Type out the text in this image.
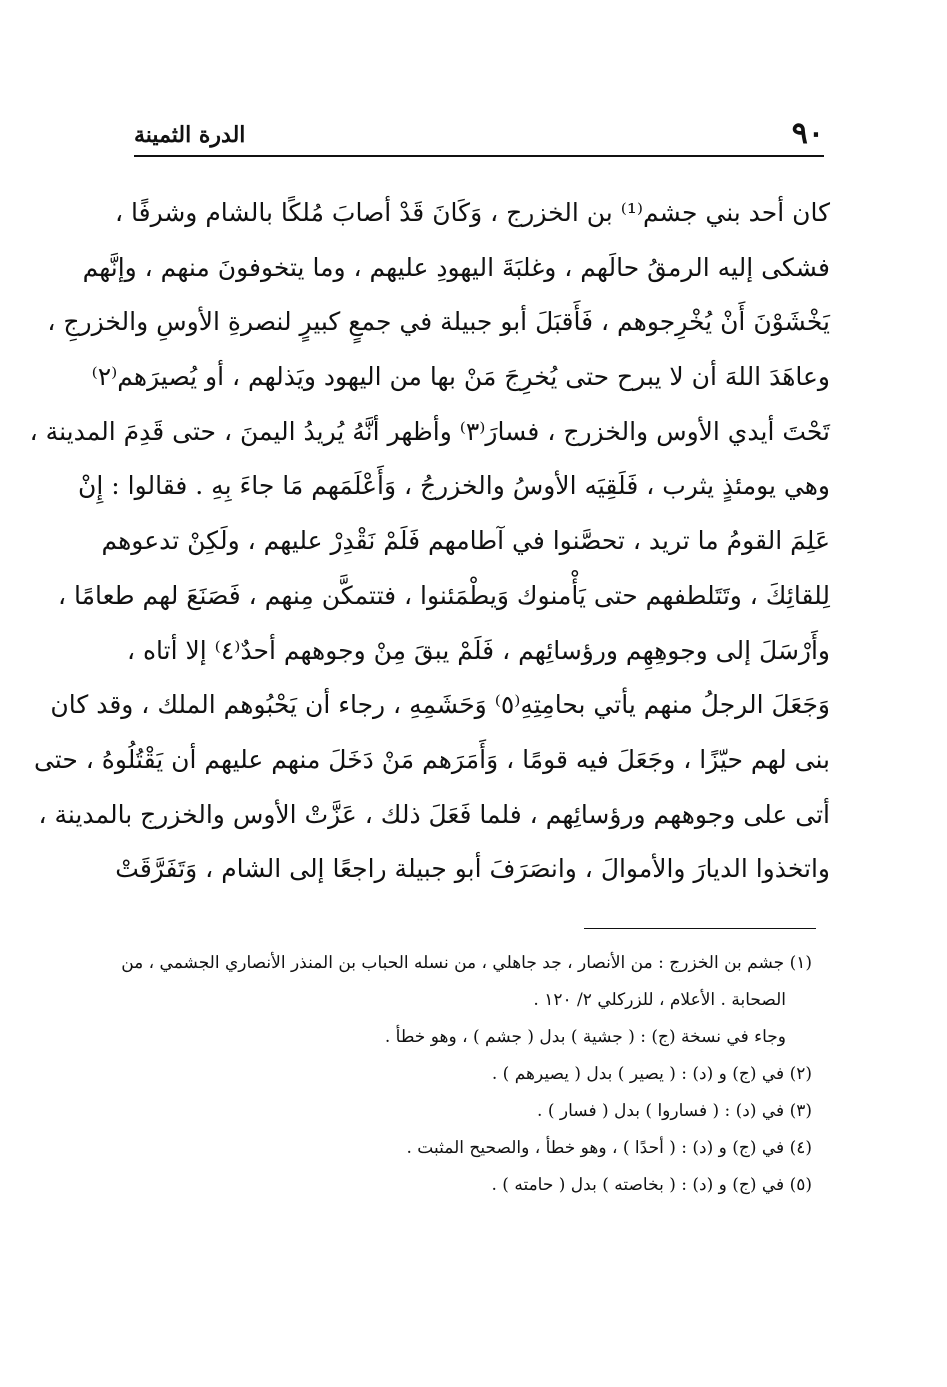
٩٠
الدرة الثمينة
كان أحد بني جشم⁽¹⁾ بن الخزرج ، وَكَانَ قَدْ أصابَ مُلكًا بالشام وشرفًا ،
فشكى إليه الرمقُ حالَهم ، وغلبَةَ اليهودِ عليهم ، وما يتخوفونَ منهم ، وإنَّهم
يَخْشَوْنَ أَنْ يُخْرِجوهم ، فَأَقبَلَ أبو جبيلة في جمعٍ كبيرٍ لنصرةِ الأوسِ والخزرجِ ،
وعاهَدَ اللهَ أن لا يبرح حتى يُخرِجَ مَنْ بها من اليهود ويَذلهم ، أو يُصيرَهم⁽٢⁾
تَحْتَ أيدي الأوس والخزرج ، فسارَ⁽٣⁾ وأظهر أنَّهُ يُريدُ اليمنَ ، حتى قَدِمَ المدينة ،
وهي يومئذٍ يثرب ، فَلَقِيَه الأوسُ والخزرجُ ، وَأَعْلَمَهم مَا جاءَ بِهِ . فقالوا : إِنْ
عَلِمَ القومُ ما تريد ، تحصَّنوا في آطامهم فَلَمْ نَقْدِرْ عليهم ، ولَكِنْ تدعوهم
لِلقائِكَ ، وتَتَلطفهم حتى يَأْمنوك وَيطْمَئنوا ، فتتمكَّن مِنهم ، فَصَنَعَ لهم طعامًا ،
وأَرْسَلَ إلى وجوهِهِم ورؤسائِهم ، فَلَمْ يبقَ مِنْ وجوههم أحدٌ⁽٤⁾ إلا أتاه ،
وَجَعَلَ الرجلُ منهم يأتي بحامِتِهِ⁽٥⁾ وَحَشَمِهِ ، رجاء أن يَحْبُوهم الملك ، وقد كان
بنى لهم حيّزًا ، وجَعَلَ فيه قومًا ، وَأَمَرَهم مَنْ دَخَلَ منهم عليهم أن يَقْتُلُوهُ ، حتى
أتى على وجوههم ورؤسائِهم ، فلما فَعَلَ ذلك ، عَزَّتْ الأوس والخزرج بالمدينة ،
واتخذوا الديارَ والأموالَ ، وانصَرَفَ أبو جبيلة راجعًا إلى الشام ، وَتَفَرَّقَتْ
(١) جشم بن الخزرج : من الأنصار ، جد جاهلي ، من نسله الحباب بن المنذر الأنصاري الجشمي ، من
الصحابة . الأعلام ، للزركلي ٢/ ١٢٠ .
وجاء في نسخة (ج) : ( جشية ) بدل ( جشم ) ، وهو خطأ .
(٢) في (ج) و (د) : ( يصير ) بدل ( يصيرهم ) .
(٣) في (د) : ( فساروا ) بدل ( فسار ) .
(٤) في (ج) و (د) : ( أحدًا ) ، وهو خطأ ، والصحيح المثبت .
(٥) في (ج) و (د) : ( بخاصته ) بدل ( حامته ) .
